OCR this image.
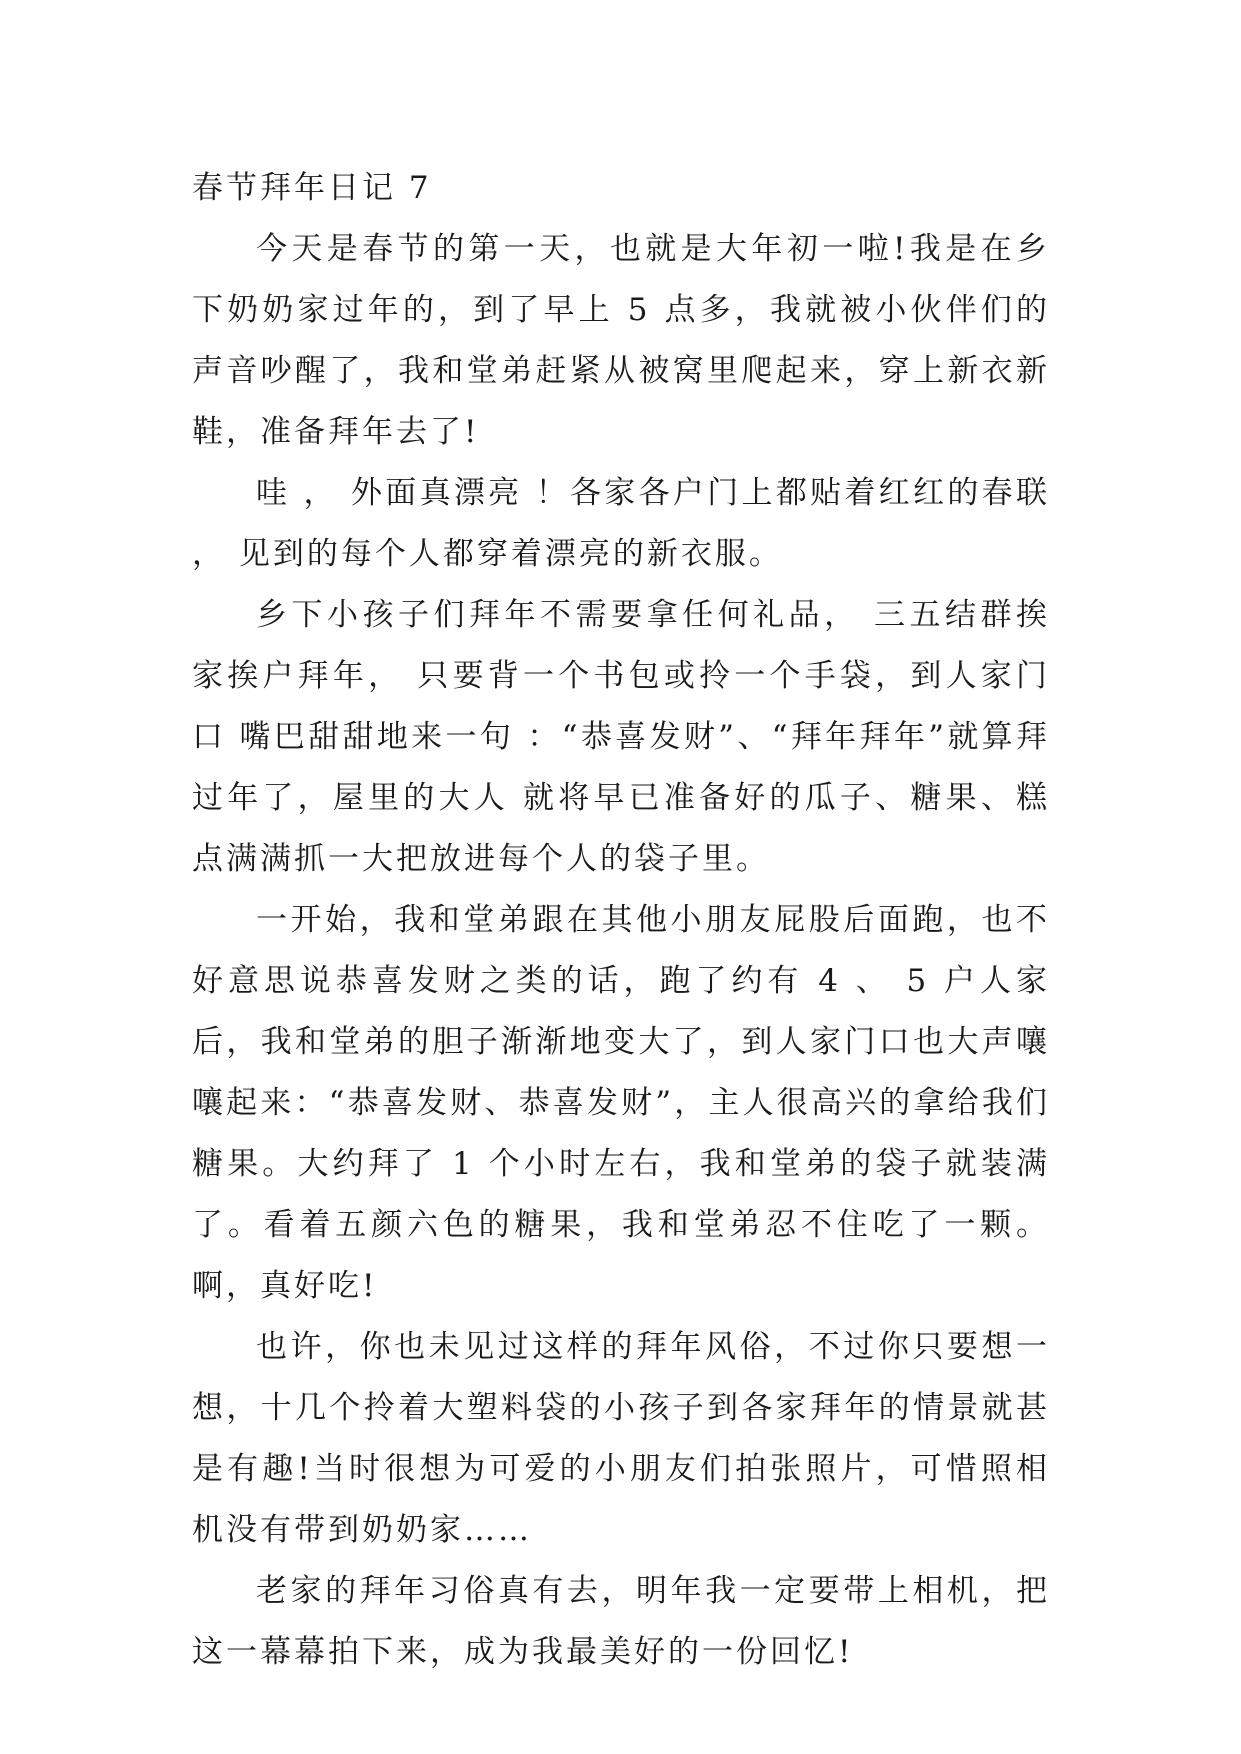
春节拜年日记 7

今天是春节的第一天，也就是大年初一啦!我是在乡下奶奶家过年的，到了早上 5 点多，我就被小伙伴们的声音吵醒了，我和堂弟赶紧从被窝里爬起来，穿上新衣新鞋，准备拜年去了!

哇 ， 外面真漂亮 ！各家各户门上都贴着红红的春联 ， 见到的每个人都穿着漂亮的新衣服。

乡下小孩子们拜年不需要拿任何礼品， 三五结群挨家挨户拜年， 只要背一个书包或拎一个手袋，到人家门口 嘴巴甜甜地来一句 ：“恭喜发财”、“拜年拜年”就算拜过年了，屋里的大人 就将早已准备好的瓜子、糖果、糕点满满抓一大把放进每个人的袋子里。

一开始，我和堂弟跟在其他小朋友屁股后面跑，也不好意思说恭喜发财之类的话，跑了约有 4 、 5 户人家后，我和堂弟的胆子渐渐地变大了，到人家门口也大声嚷嚷起来：“恭喜发财、恭喜发财”，主人很高兴的拿给我们糖果。大约拜了 1 个小时左右，我和堂弟的袋子就装满了。看着五颜六色的糖果，我和堂弟忍不住吃了一颗。啊，真好吃!

也许，你也未见过这样的拜年风俗，不过你只要想一想，十几个拎着大塑料袋的小孩子到各家拜年的情景就甚是有趣!当时很想为可爱的小朋友们拍张照片，可惜照相机没有带到奶奶家……

老家的拜年习俗真有去，明年我一定要带上相机，把这一幕幕拍下来，成为我最美好的一份回忆!
